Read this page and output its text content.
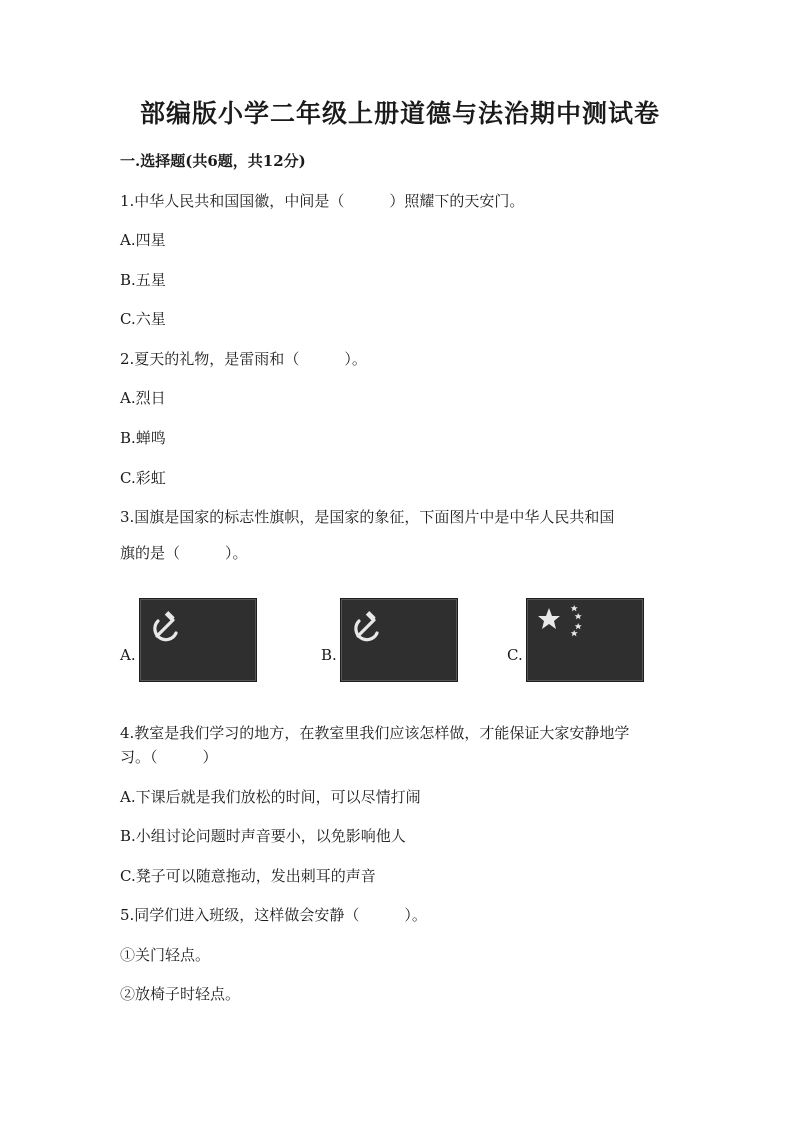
部编版小学二年级上册道德与法治期中测试卷

一.选择题(共6题，共12分)

1.中华人民共和国国徽，中间是（　　　）照耀下的天安门。

A.四星

B.五星

C.六星

2.夏天的礼物，是雷雨和（　　　）。

A.烈日

B.蝉鸣

C.彩虹

3.国旗是国家的标志性旗帜，是国家的象征，下面图片中是中华人民共和国

旗的是（　　　）。

A.	B.	C.

4.教室是我们学习的地方，在教室里我们应该怎样做，才能保证大家安静地学

习。（　　　）

A.下课后就是我们放松的时间，可以尽情打闹

B.小组讨论问题时声音要小，以免影响他人

C.凳子可以随意拖动，发出刺耳的声音

5.同学们进入班级，这样做会安静（　　　）。

①关门轻点。

②放椅子时轻点。
